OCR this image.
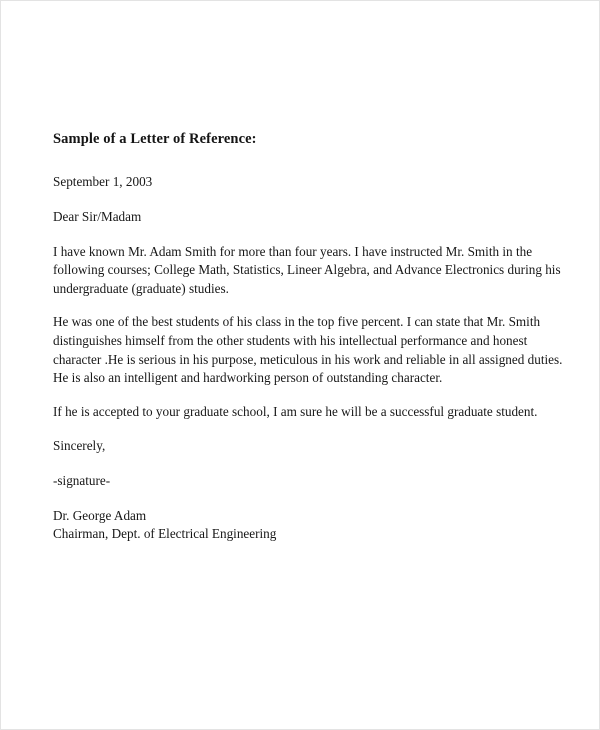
Sample of a Letter of Reference:

September 1, 2003

Dear Sir/Madam

I have known Mr. Adam Smith for more than four years. I have instructed Mr. Smith in the following courses; College Math, Statistics, Lineer Algebra, and Advance Electronics during his undergraduate (graduate) studies.

He was one of the best students of his class in the top five percent. I can state that Mr. Smith distinguishes himself from the other students with his intellectual performance and honest character .He is serious in his purpose, meticulous in his work and reliable in all assigned duties. He is also an intelligent and hardworking person of outstanding character.

If he is accepted to your graduate school, I am sure he will be a successful graduate student.

Sincerely,

-signature-

Dr. George Adam

Chairman, Dept. of Electrical Engineering
